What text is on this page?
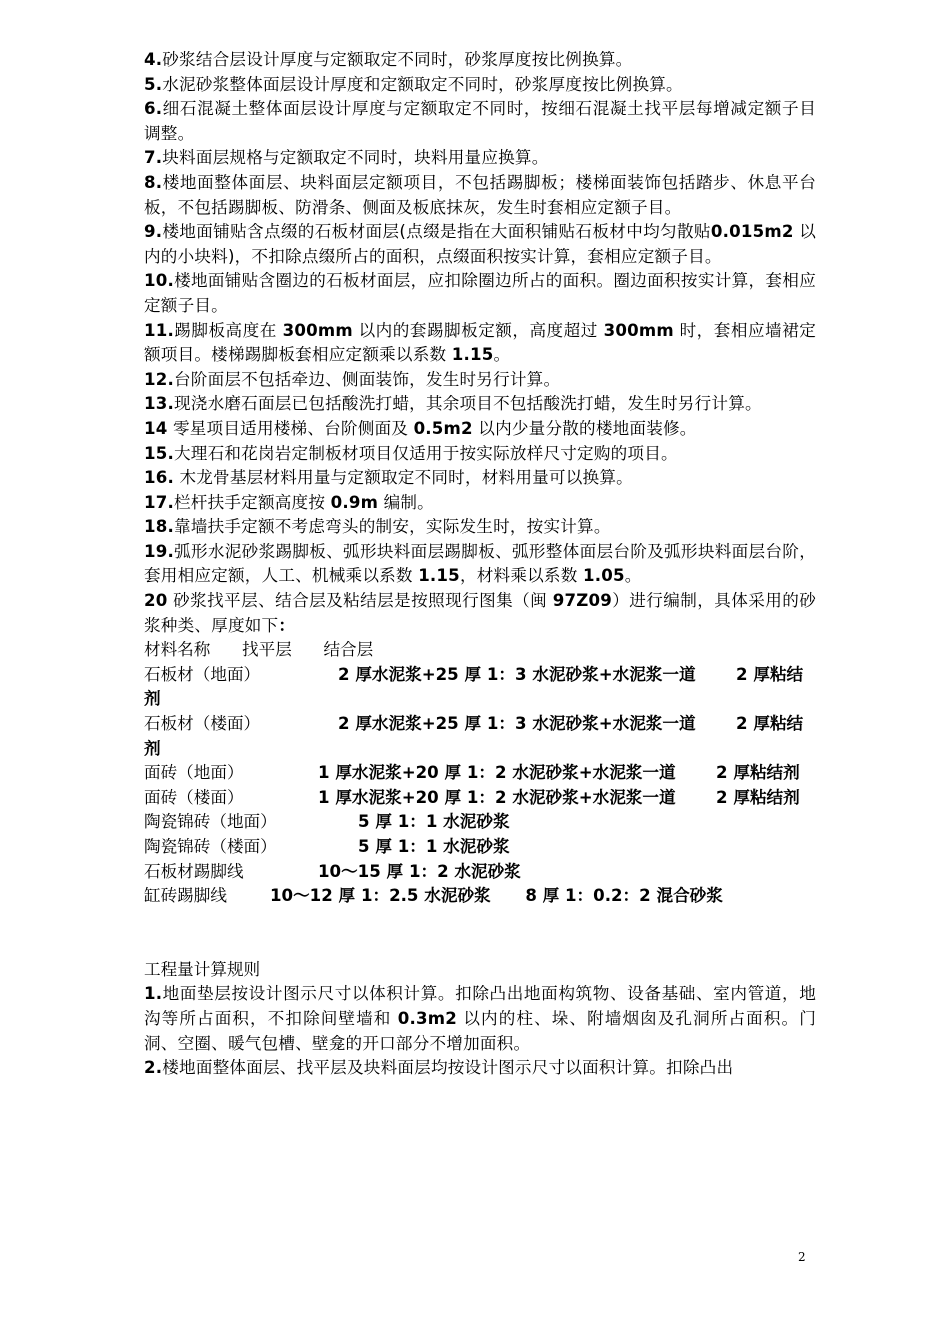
4.砂浆结合层设计厚度与定额取定不同时，砂浆厚度按比例换算。

5.水泥砂浆整体面层设计厚度和定额取定不同时，砂浆厚度按比例换算。

6.细石混凝土整体面层设计厚度与定额取定不同时，按细石混凝土找平层每增减定额子目调整。

7.块料面层规格与定额取定不同时，块料用量应换算。

8.楼地面整体面层、块料面层定额项目，不包括踢脚板；楼梯面装饰包括踏步、休息平台板，不包括踢脚板、防滑条、侧面及板底抹灰，发生时套相应定额子目。

9.楼地面铺贴含点缀的石板材面层(点缀是指在大面积铺贴石板材中均匀散贴0.015m2 以内的小块料)，不扣除点缀所占的面积，点缀面积按实计算，套相应定额子目。

10.楼地面铺贴含圈边的石板材面层，应扣除圈边所占的面积。圈边面积按实计算，套相应定额子目。

11.踢脚板高度在 300mm 以内的套踢脚板定额，高度超过 300mm 时，套相应墙裙定额项目。楼梯踢脚板套相应定额乘以系数 1.15。

12.台阶面层不包括牵边、侧面装饰，发生时另行计算。

13.现浇水磨石面层已包括酸洗打蜡，其余项目不包括酸洗打蜡，发生时另行计算。

14 零星项目适用楼梯、台阶侧面及 0.5m2 以内少量分散的楼地面装修。

15.大理石和花岗岩定制板材项目仅适用于按实际放样尺寸定购的项目。

16. 木龙骨基层材料用量与定额取定不同时，材料用量可以换算。

17.栏杆扶手定额高度按 0.9m 编制。

18.靠墙扶手定额不考虑弯头的制安，实际发生时，按实计算。

19.弧形水泥砂浆踢脚板、弧形块料面层踢脚板、弧形整体面层台阶及弧形块料面层台阶，套用相应定额，人工、机械乘以系数 1.15，材料乘以系数 1.05。

20 砂浆找平层、结合层及粘结层是按照现行图集（闽 97Z09）进行编制，具体采用的砂浆种类、厚度如下：

材料名称      找平层      结合层

石板材（地面）	2 厚水泥浆+25 厚 1：3 水泥砂浆+水泥浆一道       2 厚粘结剂

石板材（楼面）	2 厚水泥浆+25 厚 1：3 水泥砂浆+水泥浆一道       2 厚粘结剂

面砖（地面）	1 厚水泥浆+20 厚 1：2 水泥砂浆+水泥浆一道       2 厚粘结剂

面砖（楼面）	1 厚水泥浆+20 厚 1：2 水泥砂浆+水泥浆一道       2 厚粘结剂

陶瓷锦砖（地面）	5 厚 1：1 水泥砂浆

陶瓷锦砖（楼面）	5 厚 1：1 水泥砂浆

石板材踢脚线	10～15 厚 1：2 水泥砂浆

缸砖踢脚线	10～12 厚 1：2.5 水泥砂浆      8 厚 1：0.2：2 混合砂浆

工程量计算规则

1.地面垫层按设计图示尺寸以体积计算。扣除凸出地面构筑物、设备基础、室内管道，地沟等所占面积，不扣除间壁墙和 0.3m2 以内的柱、垛、附墙烟囱及孔洞所占面积。门洞、空圈、暖气包槽、壁龛的开口部分不增加面积。

2.楼地面整体面层、找平层及块料面层均按设计图示尺寸以面积计算。扣除凸出

2
